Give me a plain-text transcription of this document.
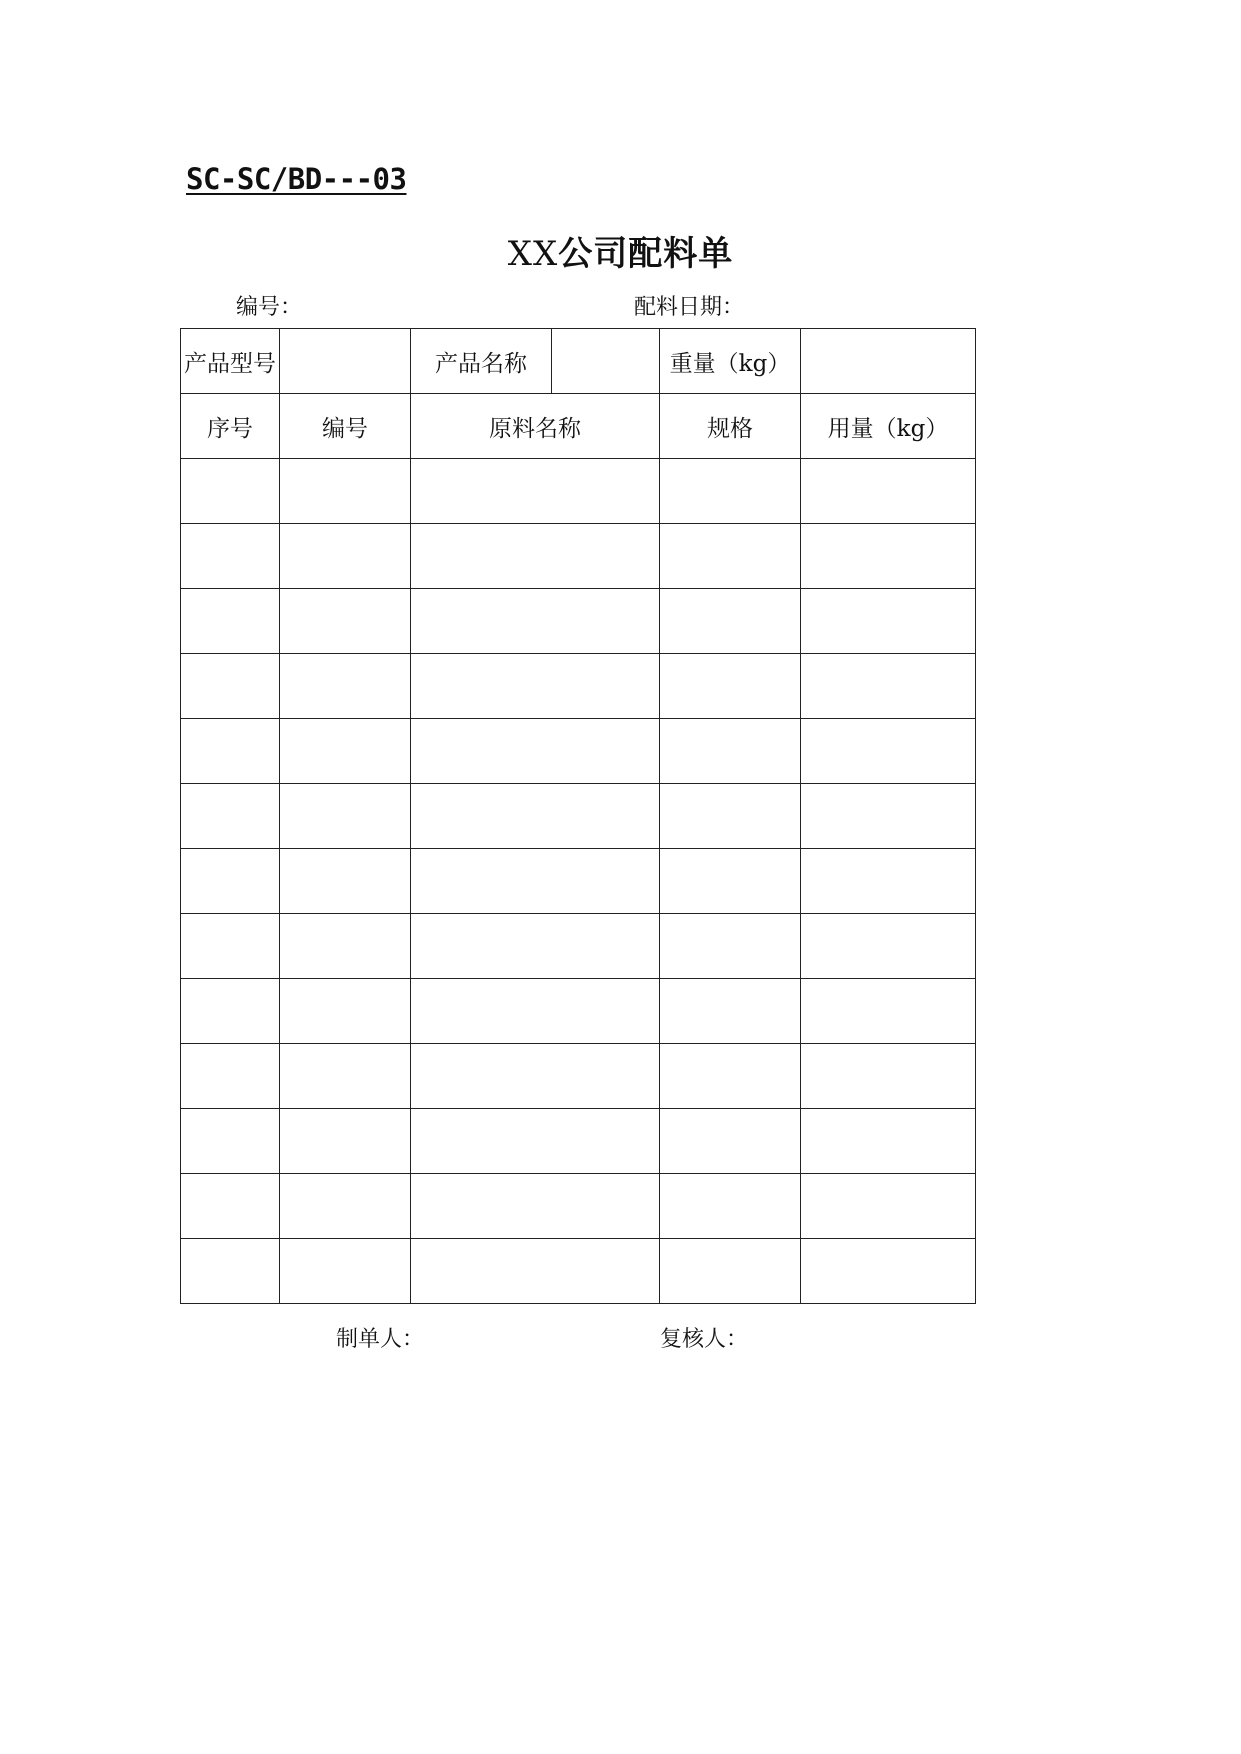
SC-SC/BD---03
XX公司配料单
编号：	配料日期：
产品型号		产品名称		重量（kg）	
序号	编号	原料名称		规格	用量（kg）

制单人：	复核人：
